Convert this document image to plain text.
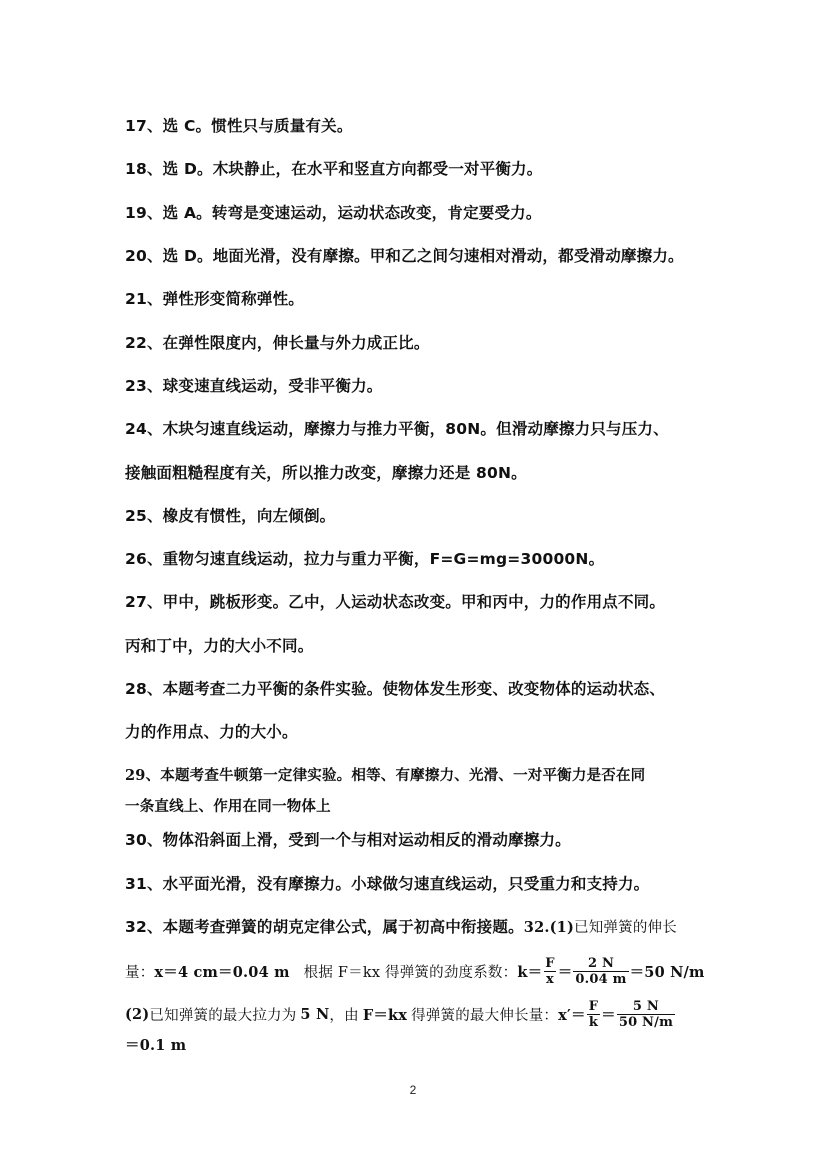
17、选 C。惯性只与质量有关。
18、选 D。木块静止，在水平和竖直方向都受一对平衡力。
19、选 A。转弯是变速运动，运动状态改变，肯定要受力。
20、选 D。地面光滑，没有摩擦。甲和乙之间匀速相对滑动，都受滑动摩擦力。
21、弹性形变简称弹性。
22、在弹性限度内，伸长量与外力成正比。
23、球变速直线运动，受非平衡力。
24、木块匀速直线运动，摩擦力与推力平衡，80N。但滑动摩擦力只与压力、
接触面粗糙程度有关，所以推力改变，摩擦力还是 80N。
25、橡皮有惯性，向左倾倒。
26、重物匀速直线运动，拉力与重力平衡，F=G=mg=30000N。
27、甲中，跳板形变。乙中，人运动状态改变。甲和丙中，力的作用点不同。
丙和丁中，力的大小不同。
28、本题考查二力平衡的条件实验。使物体发生形变、改变物体的运动状态、
力的作用点、力的大小。
29、本题考查牛顿第一定律实验。相等、有摩擦力、光滑、一对平衡力是否在同
一条直线上、作用在同一物体上
30、物体沿斜面上滑，受到一个与相对运动相反的滑动摩擦力。
31、水平面光滑，没有摩擦力。小球做匀速直线运动，只受重力和支持力。
32、本题考查弹簧的胡克定律公式，属于初高中衔接题。32.(1)已知弹簧的伸长
量： x＝4 cm＝0.04 m 根据 F＝kx 得弹簧的劲度系数： $k= \frac{F}{x} = \frac{2 N}{0.04 m} =50$ N/m
(2) 已知弹簧的最大拉力为 5 N ，由 F＝kx 得弹簧的最大伸长量： $x'= \frac{F}{k} = \frac{5 N}{50 N/m}$
＝0.1 m
2
